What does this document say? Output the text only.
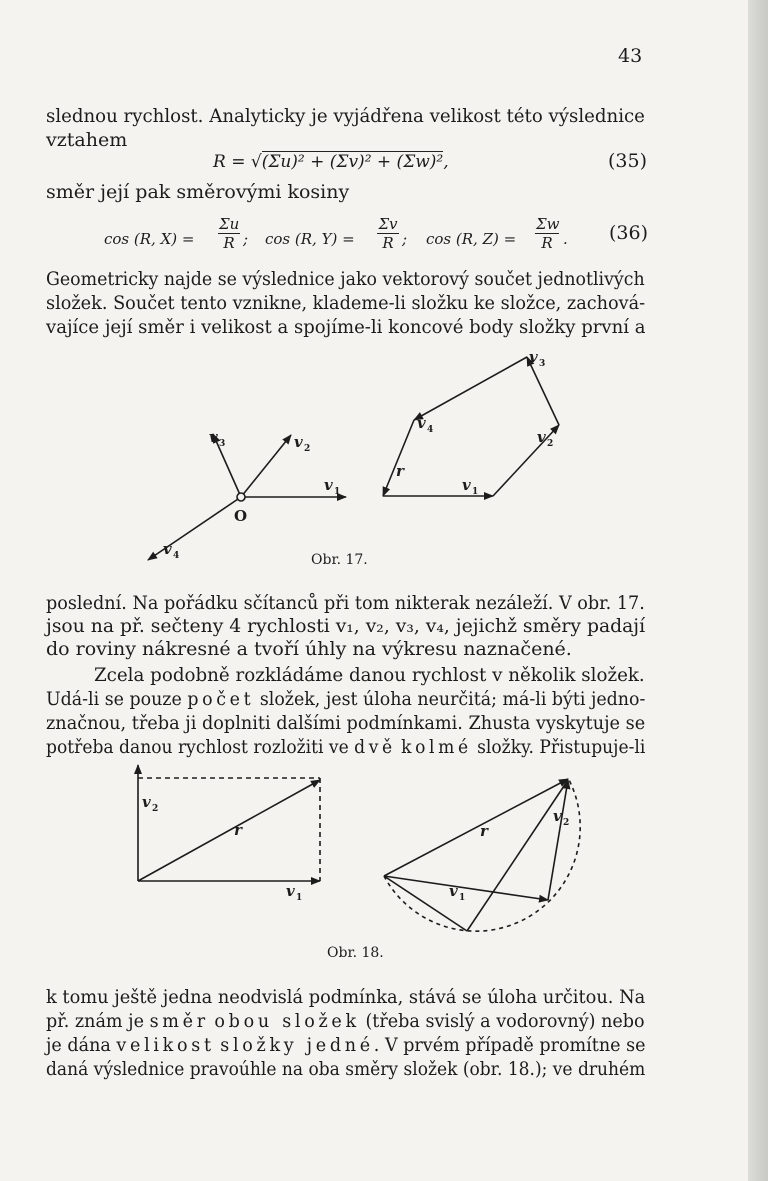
43
slednou rychlost. Analyticky je vyjádřena velikost této výslednice
vztahem
R = √(Σu)² + (Σv)² + (Σw)²,	(35)
směr její pak směrovými kosiny
cos (R, $X) = \frac{\Sigma u}{R}$ ; cos (R, $Y) = \frac{\Sigma v}{R}$ ; cos (R, $Z) = \frac{\Sigma w}{R}$ . (36)
Geometricky najde se výslednice jako vektorový součet jednotlivých
složek. Součet tento vznikne, klademe-li složku ke složce, zachová-
vajíce její směr i velikost a spojíme-li koncové body složky první a
O
v 3	v 2
v 1
v 4
v 1
v 2
v 3
v 4
r
v 2
r
v 1
r
v 1
v 2
Obr. 17.
poslední. Na pořádku sčítanců při tom nikterak nezáleží. V obr. 17.
jsou na př. sečteny 4 rychlosti v₁, v₂, v₃, v₄, jejichž směry padají
do roviny nákresné a tvoří úhly na výkresu naznačené.
Zcela podobně rozkládáme danou rychlost v několik složek.
Udá-li se pouze počet složek, jest úloha neurčitá; má-li býti jedno-
značnou, třeba ji doplniti dalšími podmínkami. Zhusta vyskytuje se
potřeba danou rychlost rozložiti ve dvě kolmé složky. Přistupuje-li
Obr. 18.
k tomu ještě jedna neodvislá podmínka, stává se úloha určitou. Na
př. znám je směr obou složek (třeba svislý a vodorovný) nebo
je dána velikost složky jedné. V prvém případě promítne se
daná výslednice pravoúhle na oba směry složek (obr. 18.); ve druhém
